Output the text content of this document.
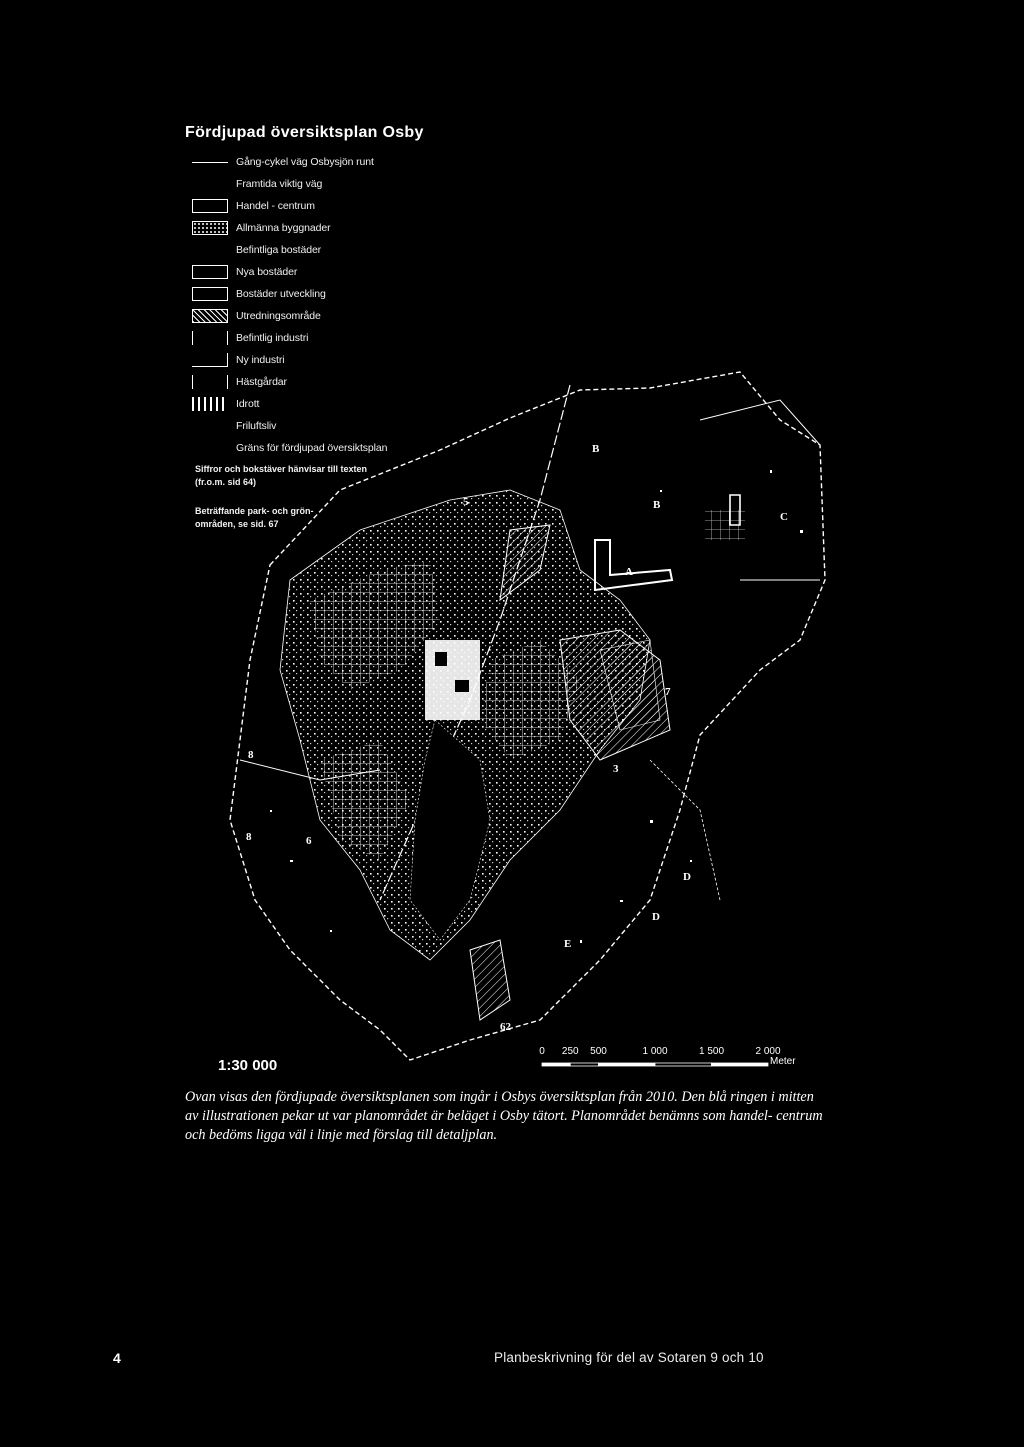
Fördjupad översiktsplan Osby
Gång-cykel väg Osbysjön runt
Framtida viktig väg
Handel - centrum
Allmänna byggnader
Befintliga bostäder
Nya bostäder
Bostäder utveckling
Utredningsområde
Befintlig industri
Ny industri
Hästgårdar
Idrott
Friluftsliv
Gräns för fördjupad översiktsplan
Siffror och bokstäver hänvisar till texten
(fr.o.m. sid 64)
Beträffande park- och grön-
områden, se sid. 67
B
B
C
A
5
7
8
8	6
3
D
D
E
62
1:30 000
0 250 500	1 000	1 500	2 000
Meter
Ovan visas den fördjupade översiktsplanen som ingår i Osbys översiktsplan från 2010. Den blå ringen i mitten av illustrationen pekar ut var planområdet är beläget i Osby tätort. Planområdet benämns som handel- centrum och bedöms ligga väl i linje med förslag till detaljplan.
4	Planbeskrivning för del av Sotaren 9 och 10
